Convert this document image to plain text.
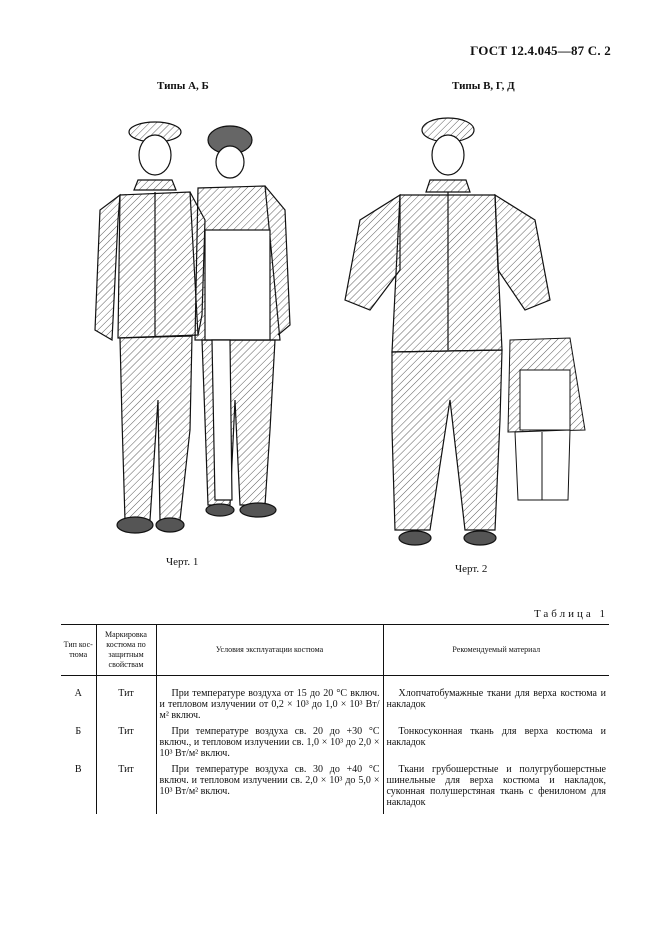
ГОСТ 12.4.045—87 С. 2
Типы А, Б	Типы В, Г, Д
Черт. 1
Черт. 2
Таблица 1
Тип кос-тюма	Маркировка костюма по защитным свойствам	Условия эксплуатации костюма	Рекомендуемый материал
А	Тит	При температуре воздуха от 15 до 20 °С включ. и тепловом излучении от 0,2 × 10³ до 1,0 × 10³ Вт/м² включ.	Хлопчатобумажные ткани для верха костюма и накладок
Б	Тит	При температуре воздуха св. 20 до +30 °С включ., и тепловом излучении св. 1,0 × 10³ до 2,0 × 10³ Вт/м² включ.	Тонкосуконная ткань для верха костюма и накладок
В	Тит	При температуре воздуха св. 30 до +40 °С включ. и тепловом излучении св. 2,0 × 10³ до 5,0 × 10³ Вт/м² включ.	Ткани грубошерстные и полугрубошерстные шинельные для верха костюма и накладок, суконная полушерстяная ткань с фенилоном для накладок
